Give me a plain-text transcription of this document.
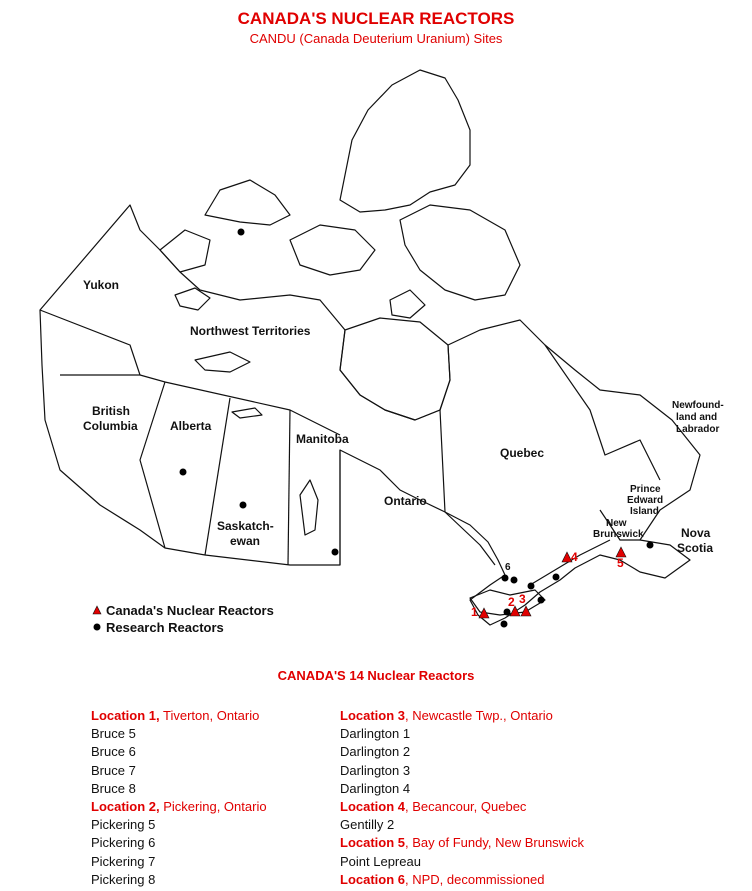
CANADA'S NUCLEAR REACTORS
CANDU (Canada Deuterium Uranium) Sites
Yukon
Northwest Territories
British
Columbia	Alberta
Saskatch-
ewan
Manitoba
Ontario
Quebec
Newfound-
land and
Labrador
Prince
Edward
Island
New
Brunswick	Nova
Scotia
1
2 3
4	5
6
Canada's Nuclear Reactors
Research Reactors
CANADA'S 14 Nuclear Reactors
Location 1, Tiverton, Ontario
Bruce 5
Bruce 6
Bruce 7
Bruce 8
Location 2, Pickering, Ontario
Pickering 5
Pickering 6
Pickering 7
Pickering 8
Location 3, Newcastle Twp., Ontario
Darlington 1
Darlington 2
Darlington 3
Darlington 4
Location 4, Becancour, Quebec
Gentilly 2
Location 5, Bay of Fundy, New Brunswick
Point Lepreau
Location 6, NPD, decommissioned
